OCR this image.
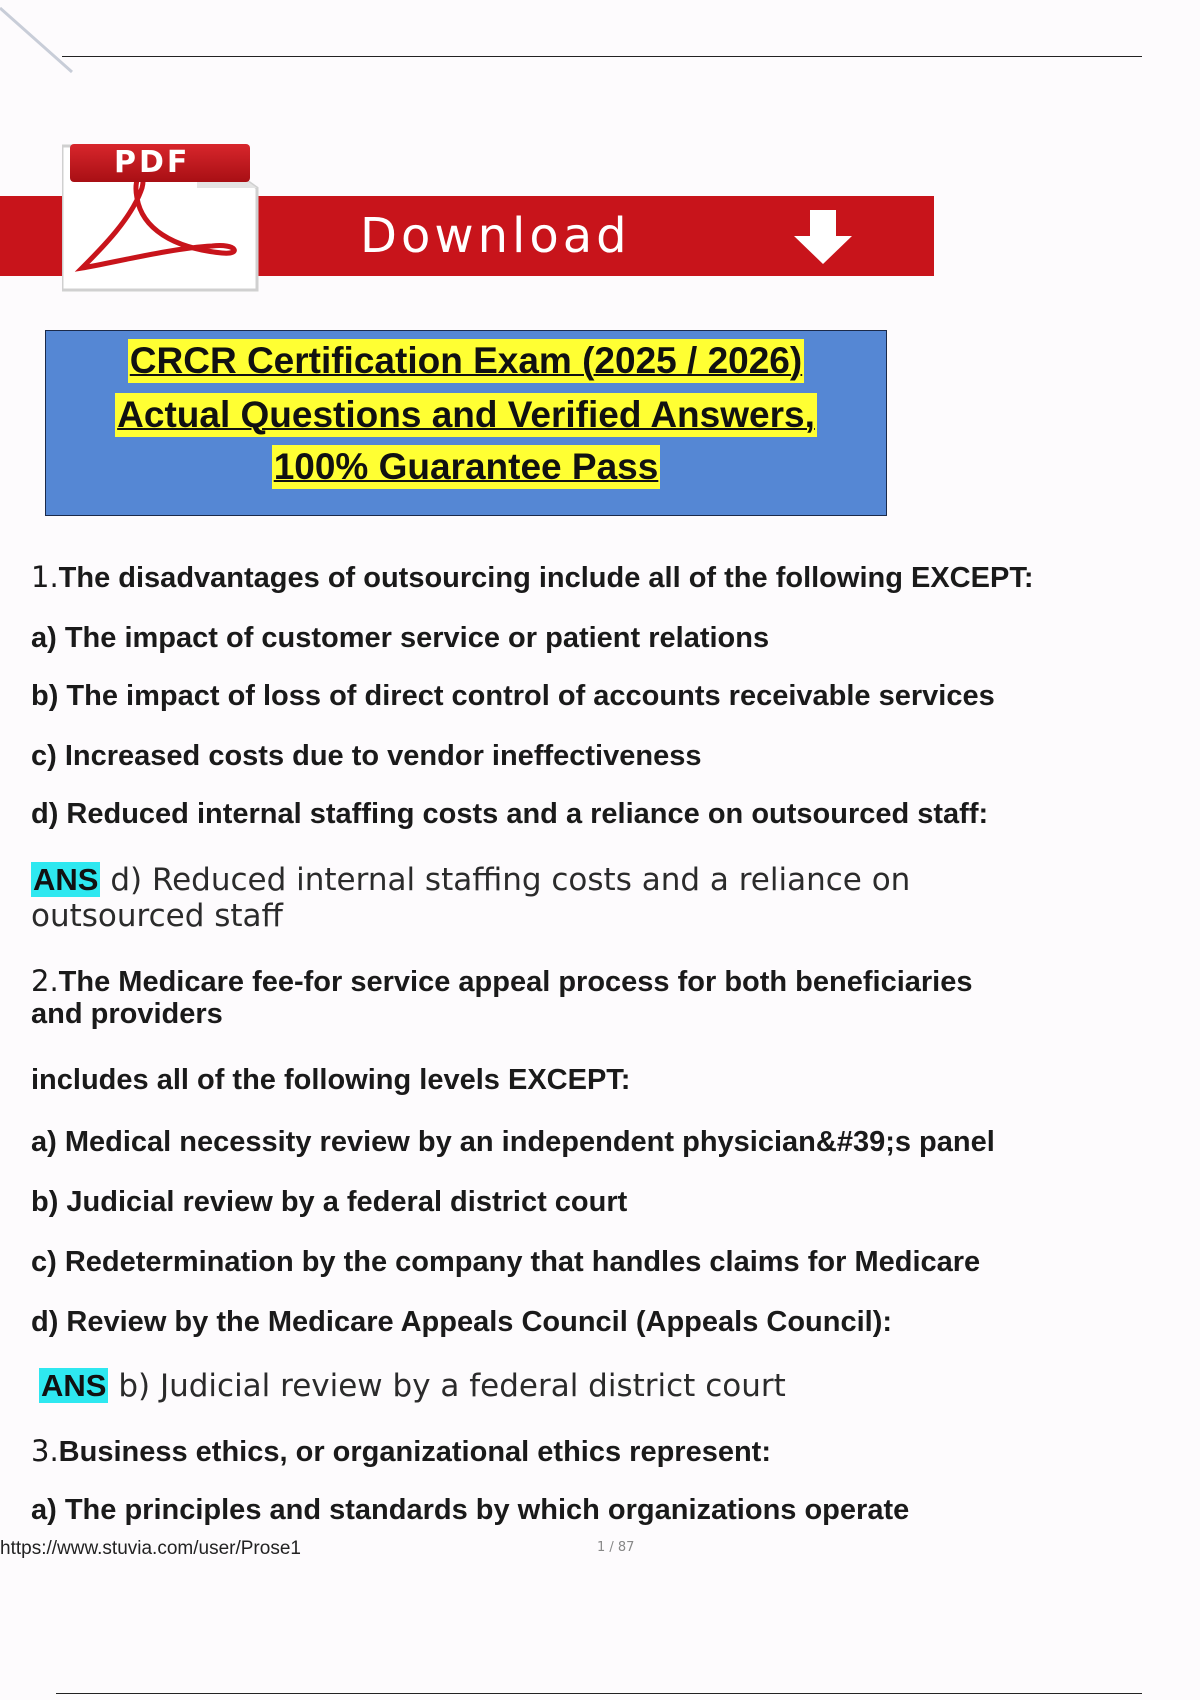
PDF
Download
CRCR Certification Exam (2025 / 2026)
Actual Questions and Verified Answers,
100% Guarantee Pass
1.The disadvantages of outsourcing include all of the following EXCEPT:
a) The impact of customer service or patient relations
b) The impact of loss of direct control of accounts receivable services
c) Increased costs due to vendor ineffectiveness
d) Reduced internal staffing costs and a reliance on outsourced staff:
ANS d) Reduced internal staffing costs and a reliance on outsourced staff
2.The Medicare fee-for service appeal process for both beneficiaries
and providers
includes all of the following levels EXCEPT:
a) Medical necessity review by an independent physician&#39;s panel
b) Judicial review by a federal district court
c) Redetermination by the company that handles claims for Medicare
d) Review by the Medicare Appeals Council (Appeals Council):
ANS b) Judicial review by a federal district court
3.Business ethics, or organizational ethics represent:
a) The principles and standards by which organizations operate
https://www.stuvia.com/user/Prose1	1 / 87
